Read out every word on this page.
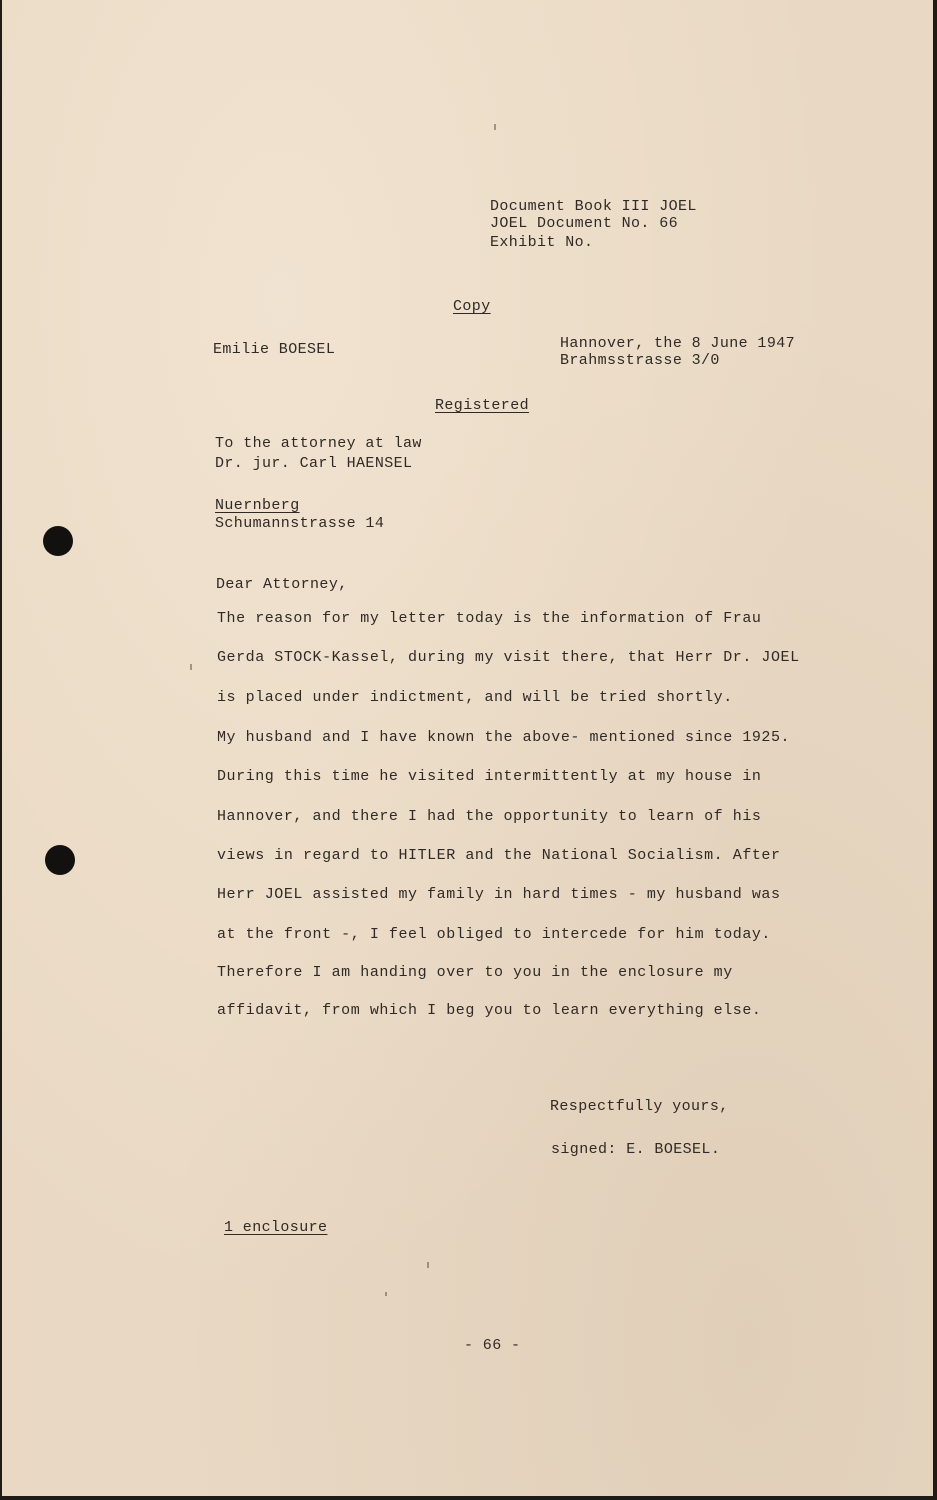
Document Book III JOEL
JOEL Document No. 66
Exhibit No.
Copy
Emilie BOESEL	Hannover, the 8 June 1947
Brahmsstrasse 3/0
Registered
To the attorney at law
Dr. jur. Carl HAENSEL
Nuernberg
Schumannstrasse 14
Dear Attorney,
The reason for my letter today is the information of Frau
Gerda STOCK-Kassel, during my visit there, that Herr Dr. JOEL
is placed under indictment, and will be tried shortly.
My husband and I have known the above- mentioned since 1925.
During this time he visited intermittently at my house in
Hannover, and there I had the opportunity to learn of his
views in regard to HITLER and the National Socialism. After
Herr JOEL assisted my family in hard times - my husband was
at the front -, I feel obliged to intercede for him today.
Therefore I am handing over to you in the enclosure my
affidavit, from which I beg you to learn everything else.
Respectfully yours,
signed: E. BOESEL.
1 enclosure
- 66 -
